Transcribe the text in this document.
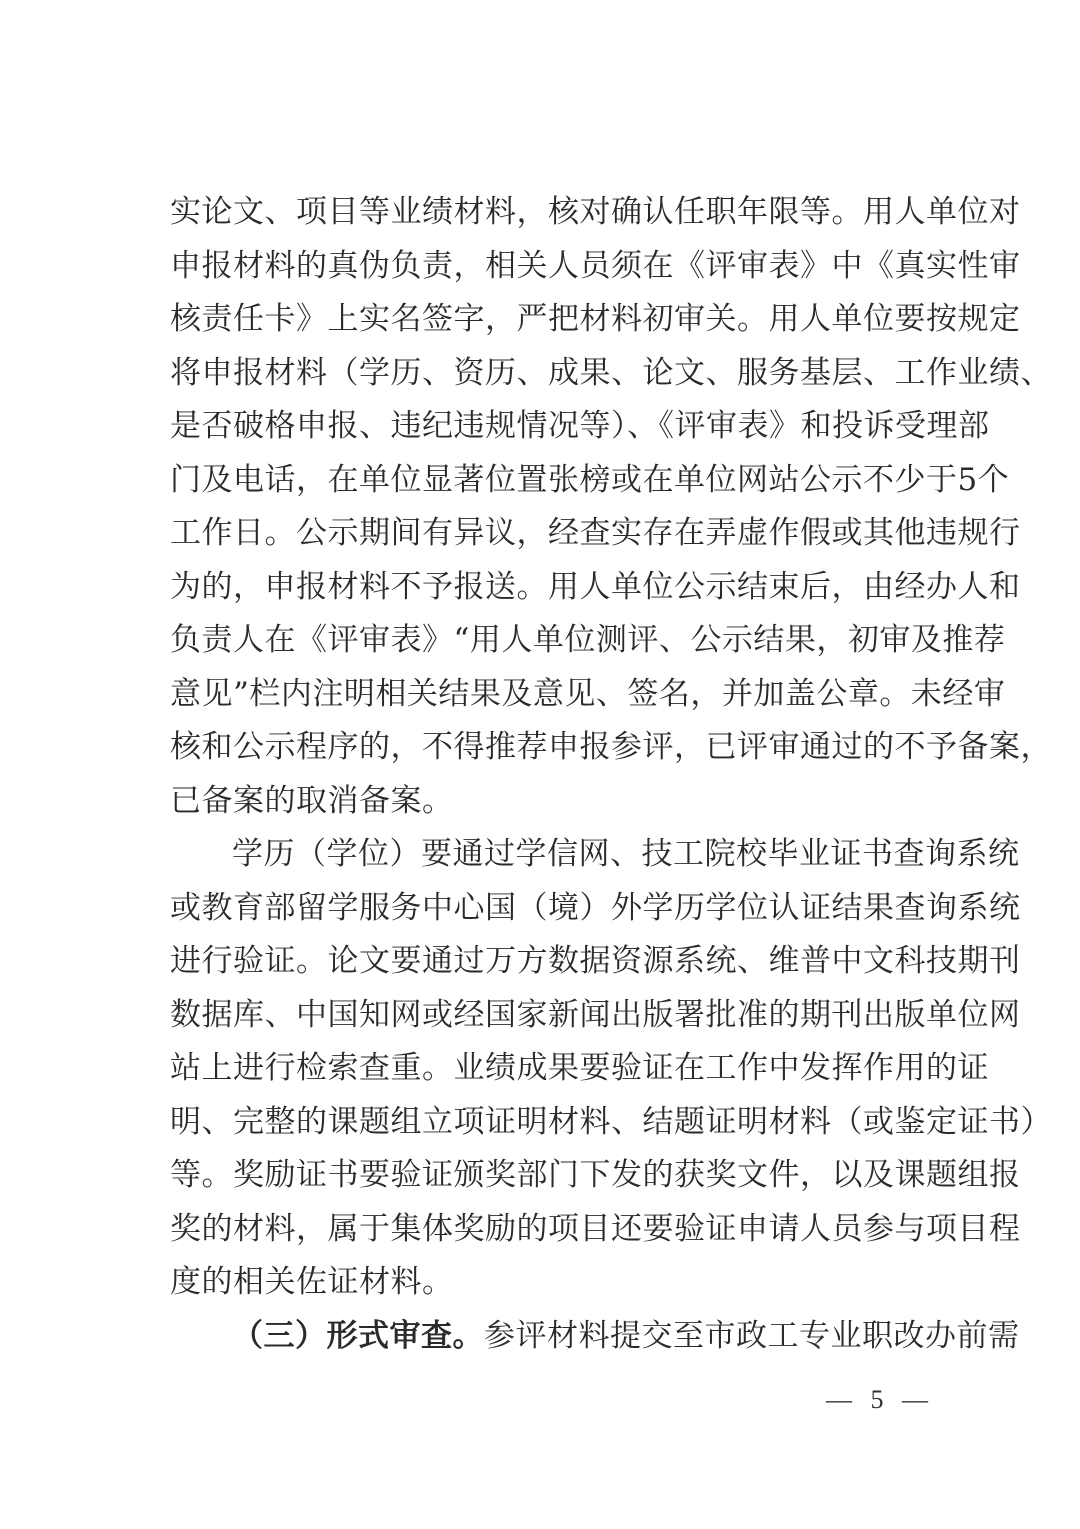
实论文、项目等业绩材料，核对确认任职年限等。用人单位对
申报材料的真伪负责，相关人员须在《评审表》中《真实性审
核责任卡》上实名签字，严把材料初审关。用人单位要按规定
将申报材料（学历、资历、成果、论文、服务基层、工作业绩、
是否破格申报、违纪违规情况等）、《评审表》和投诉受理部
门及电话，在单位显著位置张榜或在单位网站公示不少于5个
工作日。公示期间有异议，经查实存在弄虚作假或其他违规行
为的，申报材料不予报送。用人单位公示结束后，由经办人和
负责人在《评审表》“用人单位测评、公示结果，初审及推荐
意见”栏内注明相关结果及意见、签名，并加盖公章。未经审
核和公示程序的，不得推荐申报参评，已评审通过的不予备案，
已备案的取消备案。
学历（学位）要通过学信网、技工院校毕业证书查询系统
或教育部留学服务中心国（境）外学历学位认证结果查询系统
进行验证。论文要通过万方数据资源系统、维普中文科技期刊
数据库、中国知网或经国家新闻出版署批准的期刊出版单位网
站上进行检索查重。业绩成果要验证在工作中发挥作用的证
明、完整的课题组立项证明材料、结题证明材料（或鉴定证书）
等。奖励证书要验证颁奖部门下发的获奖文件，以及课题组报
奖的材料，属于集体奖励的项目还要验证申请人员参与项目程
度的相关佐证材料。
（三）形式审查。参评材料提交至市政工专业职改办前需
— 5 —
